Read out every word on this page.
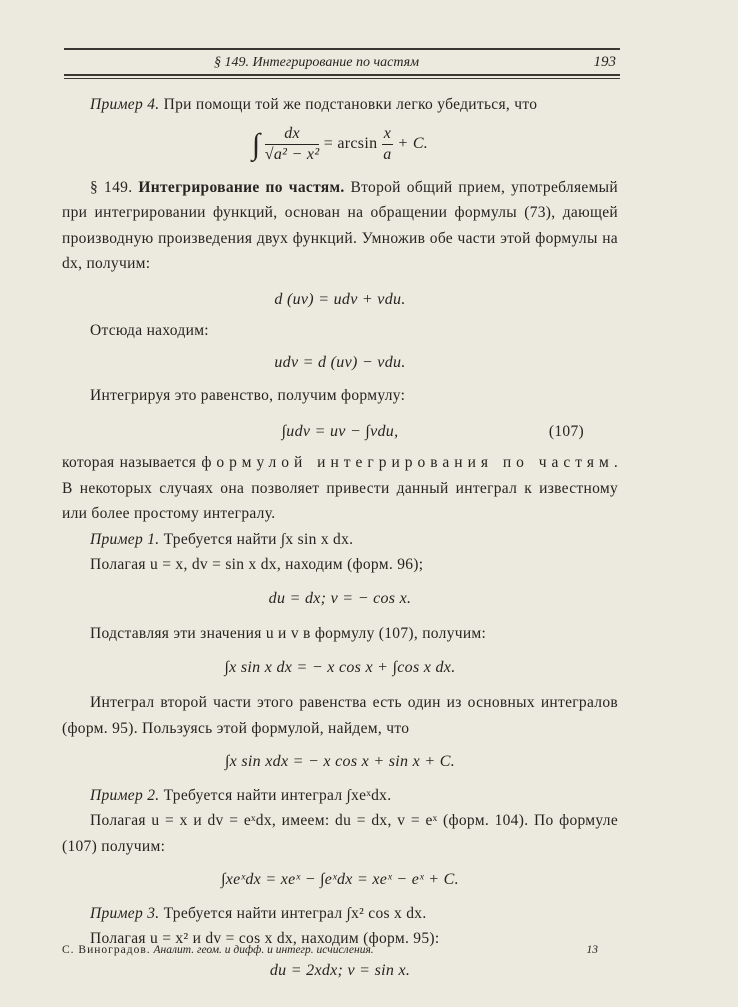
§ 149. Интегрирование по частям	193

Пример 4. При помощи той же подстановки легко убедиться, что

∫ $\frac{dx}{\text{√a² − x²}} = \arcsin \frac{x}{a} + C$.

§ 149. Интегрирование по частям. Второй общий прием, употребляемый при интегрировании функций, основан на обращении формулы (73), дающей производную произведения двух функций. Умножив обе части этой формулы на dx, получим:

d (uv) = udv + vdu.

Отсюда находим:

udv = d (uv) − vdu.

Интегрируя это равенство, получим формулу:

∫udv = uv − ∫vdu,	(107)

которая называется формулой интегрирования по частям. В некоторых случаях она позволяет привести данный интеграл к известному или более простому интегралу.

Пример 1. Требуется найти ∫x sin x dx.

Полагая u = x, dv = sin x dx, находим (форм. 96);

du = dx; v = − cos x.

Подставляя эти значения u и v в формулу (107), получим:

∫x sin x dx = − x cos x + ∫cos x dx.

Интеграл второй части этого равенства есть один из основных интегралов (форм. 95). Пользуясь этой формулой, найдем, что

∫x sin xdx = − x cos x + sin x + C.

Пример 2. Требуется найти интеграл ∫xeˣdx.

Полагая u = x и dv = eˣdx, имеем: du = dx, v = eˣ (форм. 104). По формуле (107) получим:

∫xeˣdx = xeˣ − ∫eˣdx = xeˣ − eˣ + C.

Пример 3. Требуется найти интеграл ∫x² cos x dx.

Полагая u = x² и dv = cos x dx, находим (форм. 95):

du = 2xdx; v = sin x.

С. Виноградов. Аналит. геом. и дифф. и интегр. исчисления.	13
